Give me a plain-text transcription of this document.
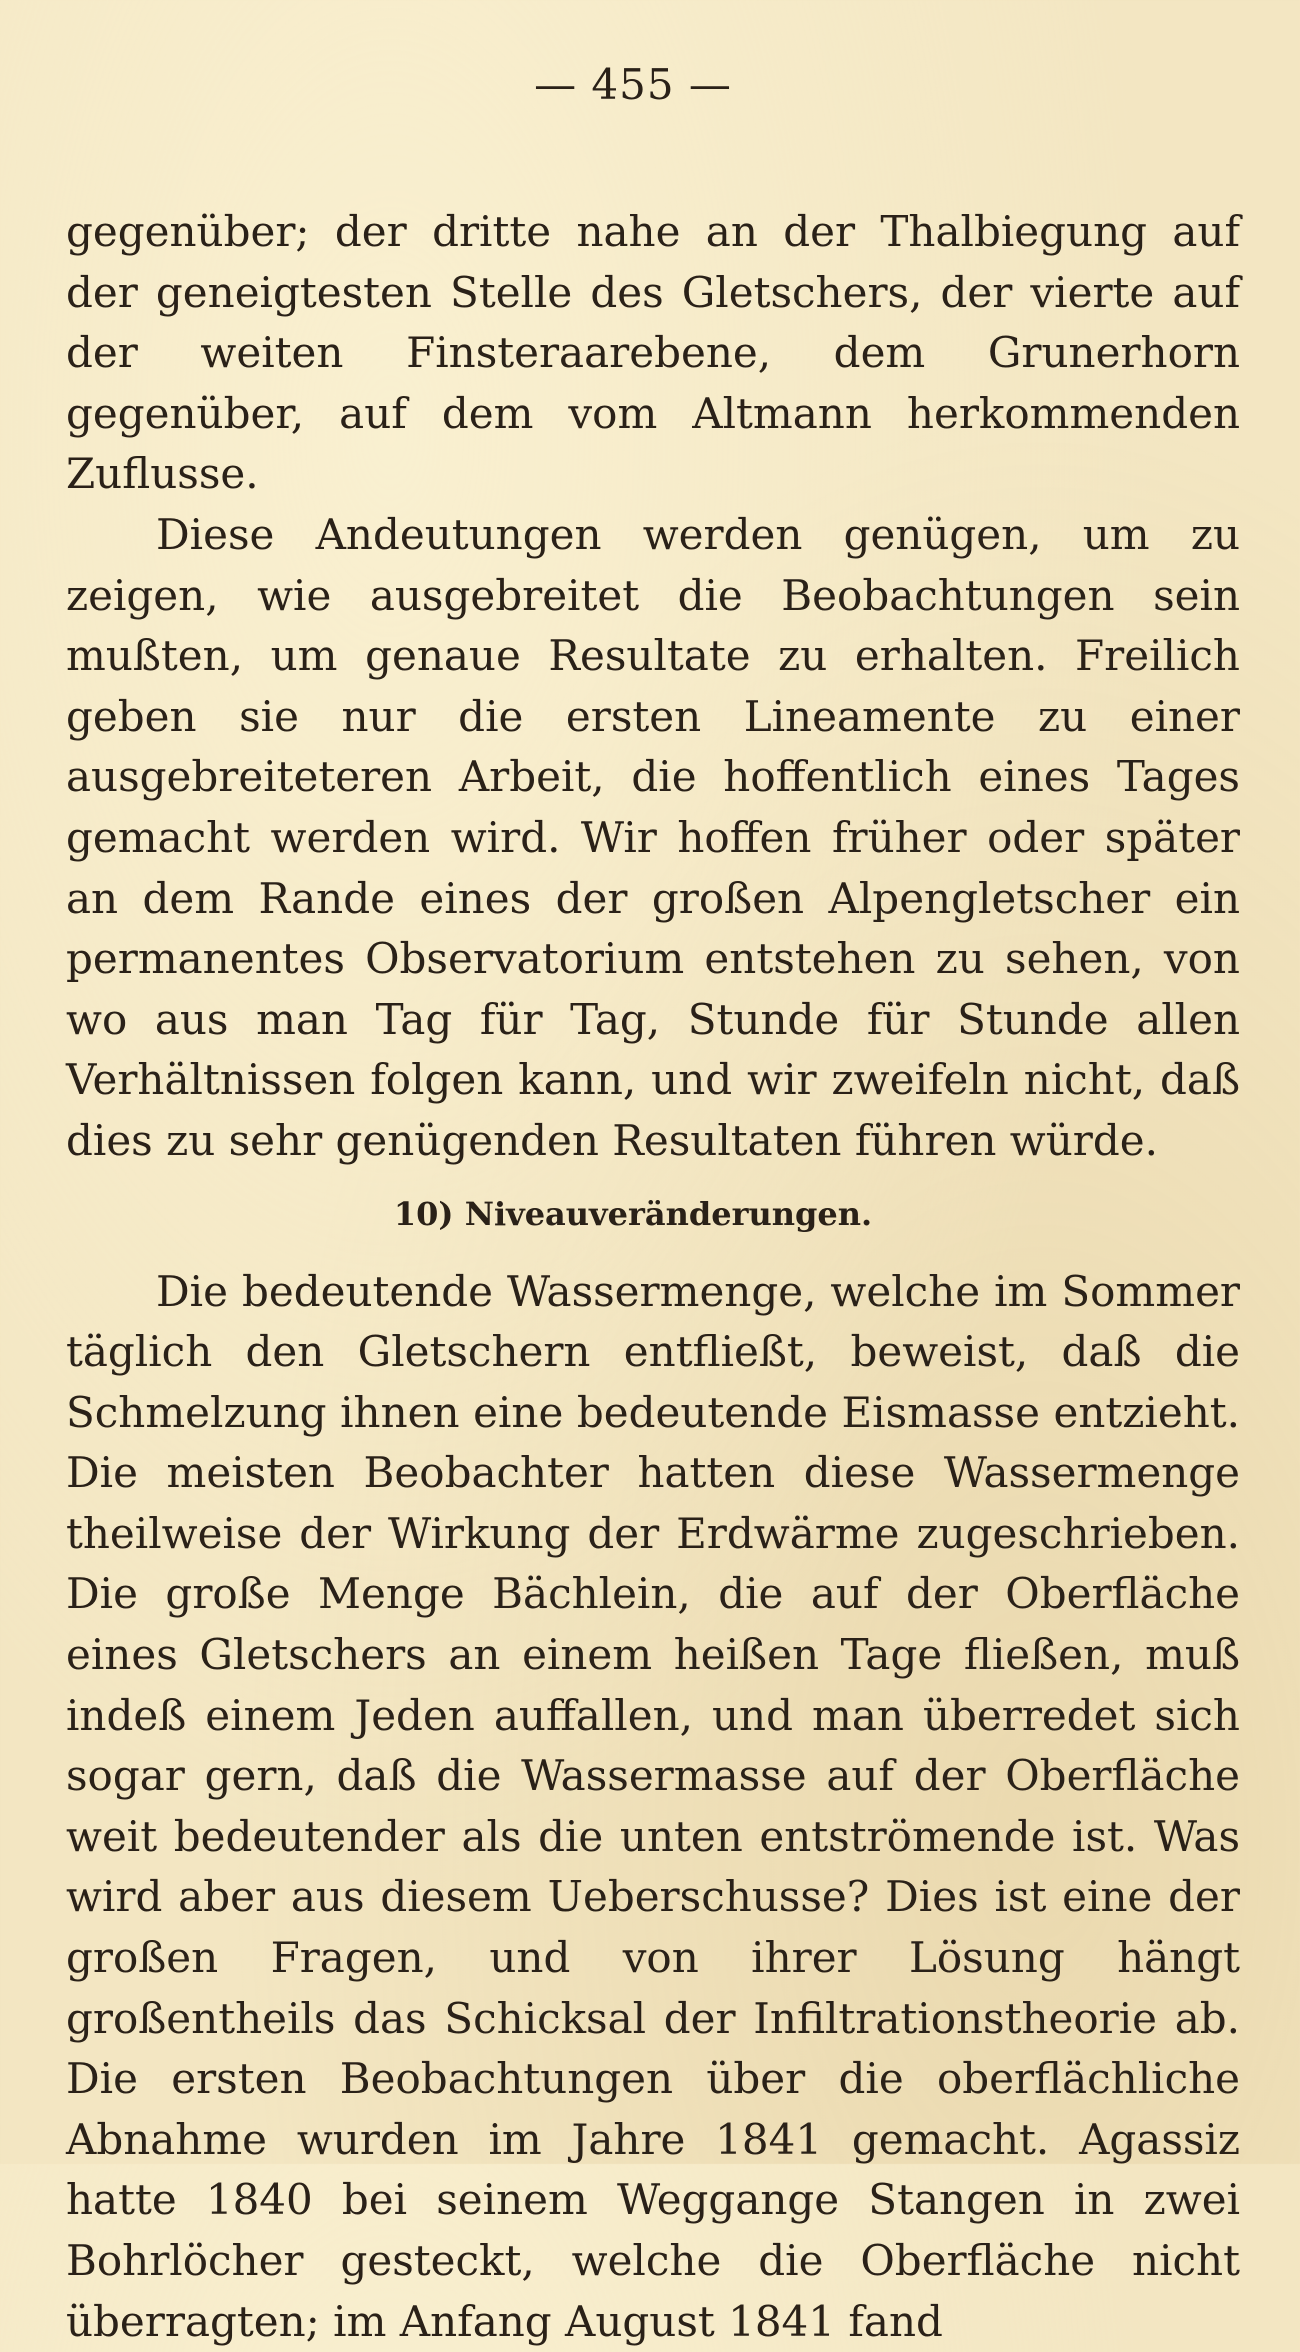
— 455 —

gegenüber; der dritte nahe an der Thalbiegung auf der geneigtesten Stelle des Gletschers, der vierte auf der weiten Finsteraarebene, dem Grunerhorn gegenüber, auf dem vom Altmann herkommenden Zuflusse.

Diese Andeutungen werden genügen, um zu zeigen, wie ausgebreitet die Beobachtungen sein mußten, um genaue Resultate zu erhalten. Freilich geben sie nur die ersten Lineamente zu einer ausgebreiteteren Arbeit, die hoffentlich eines Tages gemacht werden wird. Wir hoffen früher oder später an dem Rande eines der großen Alpengletscher ein permanentes Observatorium entstehen zu sehen, von wo aus man Tag für Tag, Stunde für Stunde allen Verhältnissen folgen kann, und wir zweifeln nicht, daß dies zu sehr genügenden Resultaten führen würde.

10) Niveauveränderungen.

Die bedeutende Wassermenge, welche im Sommer täglich den Gletschern entfließt, beweist, daß die Schmelzung ihnen eine bedeutende Eismasse entzieht. Die meisten Beobachter hatten diese Wassermenge theilweise der Wirkung der Erdwärme zugeschrieben. Die große Menge Bächlein, die auf der Oberfläche eines Gletschers an einem heißen Tage fließen, muß indeß einem Jeden auffallen, und man überredet sich sogar gern, daß die Wassermasse auf der Oberfläche weit bedeutender als die unten entströmende ist. Was wird aber aus diesem Ueberschusse? Dies ist eine der großen Fragen, und von ihrer Lösung hängt großentheils das Schicksal der Infiltrationstheorie ab. Die ersten Beobachtungen über die oberflächliche Abnahme wurden im Jahre 1841 gemacht. Agassiz hatte 1840 bei seinem Weggange Stangen in zwei Bohrlöcher gesteckt, welche die Oberfläche nicht überragten; im Anfang August 1841 fand
